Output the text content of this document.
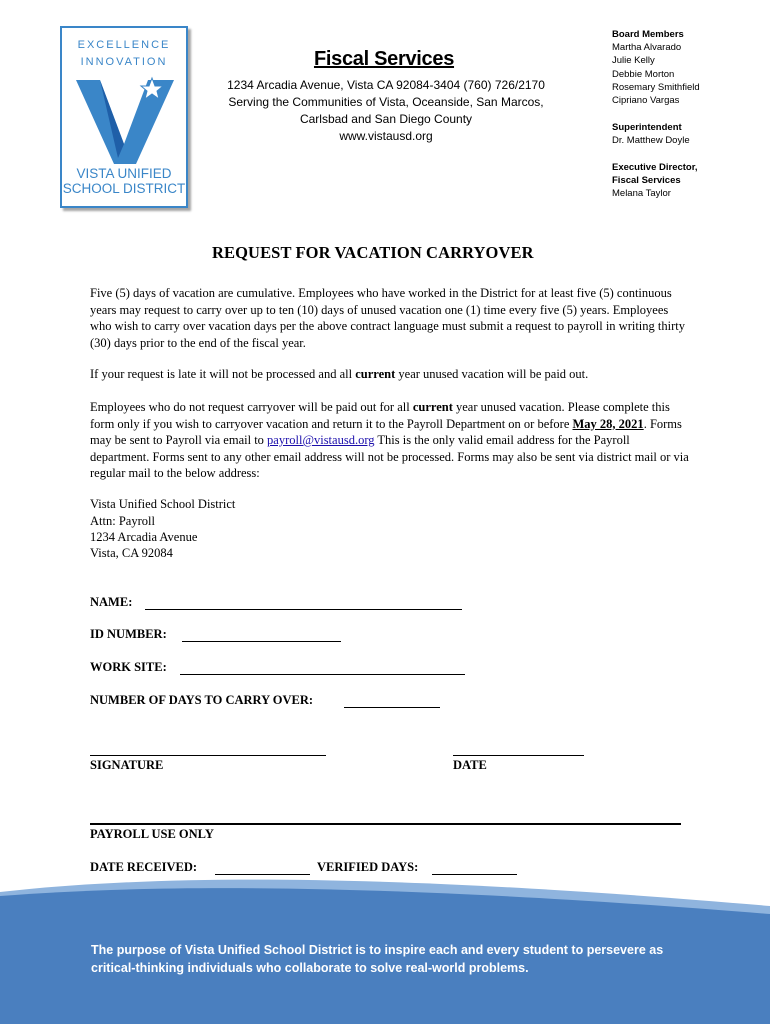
EXCELLENCE
INNOVATION
VISTA UNIFIED
SCHOOL DISTRICT
Fiscal Services
1234 Arcadia Avenue, Vista CA 92084-3404 (760) 726/2170
Serving the Communities of Vista, Oceanside, San Marcos,
Carlsbad and San Diego County
www.vistausd.org
Board Members
Martha Alvarado
Julie Kelly
Debbie Morton
Rosemary Smithfield
Cipriano Vargas
Superintendent
Dr. Matthew Doyle
Executive Director,
Fiscal Services
Melana Taylor
REQUEST FOR VACATION CARRYOVER
Five (5) days of vacation are cumulative. Employees who have worked in the District for at least five (5) continuous years may request to carry over up to ten (10) days of unused vacation one (1) time every five (5) years. Employees who wish to carry over vacation days per the above contract language must submit a request to payroll in writing thirty (30) days prior to the end of the fiscal year.
If your request is late it will not be processed and all current year unused vacation will be paid out.
Employees who do not request carryover will be paid out for all current year unused vacation. Please complete this form only if you wish to carryover vacation and return it to the Payroll Department on or before May 28, 2021. Forms may be sent to Payroll via email to payroll@vistausd.org This is the only valid email address for the Payroll department. Forms sent to any other email address will not be processed. Forms may also be sent via district mail or via regular mail to the below address:
Vista Unified School District
Attn: Payroll
1234 Arcadia Avenue
Vista, CA 92084
NAME:
ID NUMBER:
WORK SITE:
NUMBER OF DAYS TO CARRY OVER:
SIGNATURE	DATE
PAYROLL USE ONLY
DATE RECEIVED:	VERIFIED DAYS:
The purpose of Vista Unified School District is to inspire each and every student to persevere as
critical-thinking individuals who collaborate to solve real-world problems.
